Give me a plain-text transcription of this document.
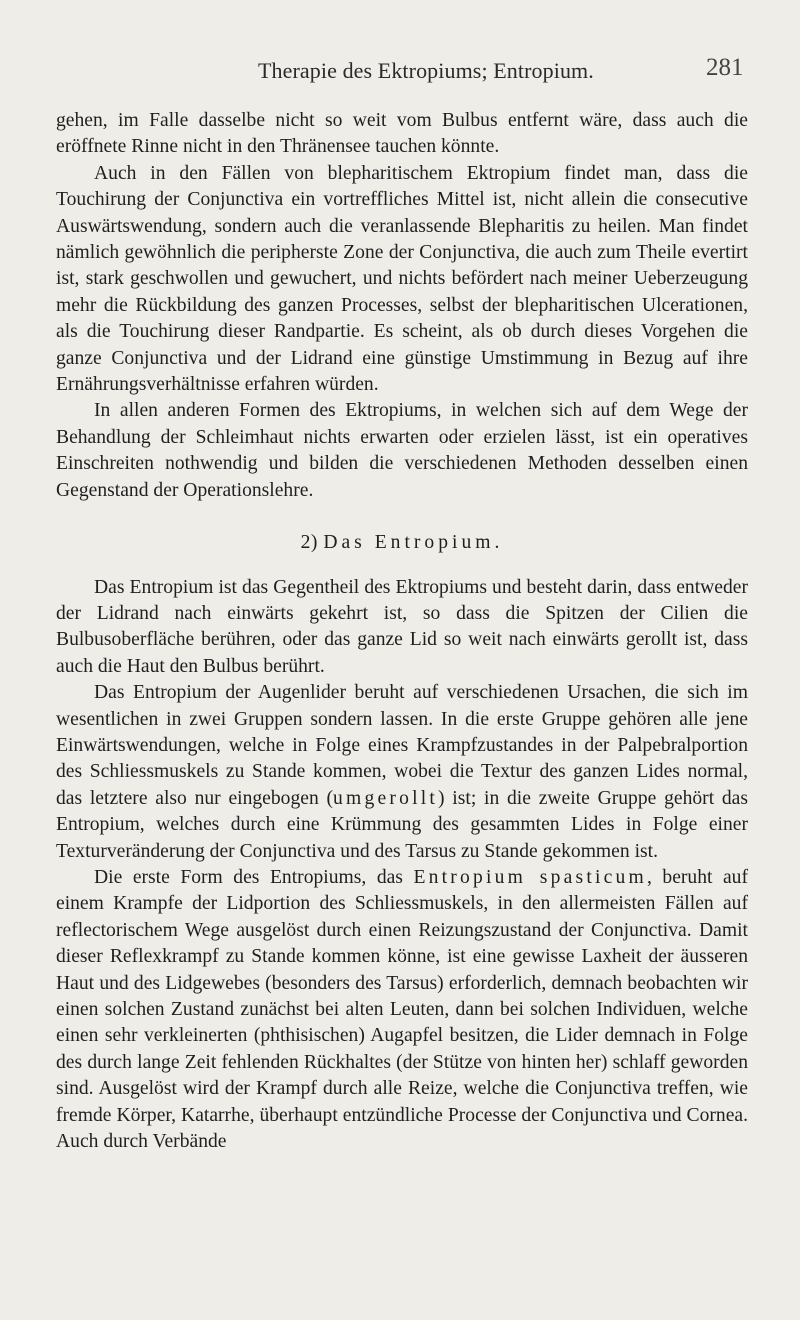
Therapie des Ektropiums; Entropium.	281

gehen, im Falle dasselbe nicht so weit vom Bulbus entfernt wäre, dass auch die eröffnete Rinne nicht in den Thränensee tauchen könnte.

Auch in den Fällen von blepharitischem Ektropium findet man, dass die Touchirung der Conjunctiva ein vortreffliches Mittel ist, nicht allein die consecutive Auswärtswendung, sondern auch die veranlassende Blepharitis zu heilen. Man findet nämlich gewöhnlich die peripherste Zone der Conjunctiva, die auch zum Theile evertirt ist, stark geschwollen und gewuchert, und nichts befördert nach meiner Ueberzeugung mehr die Rückbildung des ganzen Processes, selbst der blepharitischen Ulcerationen, als die Touchirung dieser Randpartie. Es scheint, als ob durch dieses Vorgehen die ganze Conjunctiva und der Lidrand eine günstige Umstimmung in Bezug auf ihre Ernährungsverhältnisse erfahren würden.

In allen anderen Formen des Ektropiums, in welchen sich auf dem Wege der Behandlung der Schleimhaut nichts erwarten oder erzielen lässt, ist ein operatives Einschreiten nothwendig und bilden die verschiedenen Methoden desselben einen Gegenstand der Operationslehre.

2) Das Entropium.

Das Entropium ist das Gegentheil des Ektropiums und besteht darin, dass entweder der Lidrand nach einwärts gekehrt ist, so dass die Spitzen der Cilien die Bulbusoberfläche berühren, oder das ganze Lid so weit nach einwärts gerollt ist, dass auch die Haut den Bulbus berührt.

Das Entropium der Augenlider beruht auf verschiedenen Ursachen, die sich im wesentlichen in zwei Gruppen sondern lassen. In die erste Gruppe gehören alle jene Einwärtswendungen, welche in Folge eines Krampfzustandes in der Palpebralportion des Schliessmuskels zu Stande kommen, wobei die Textur des ganzen Lides normal, das letztere also nur eingebogen (umgerollt) ist; in die zweite Gruppe gehört das Entropium, welches durch eine Krümmung des gesammten Lides in Folge einer Texturveränderung der Conjunctiva und des Tarsus zu Stande gekommen ist.

Die erste Form des Entropiums, das Entropium spasticum, beruht auf einem Krampfe der Lidportion des Schliessmuskels, in den allermeisten Fällen auf reflectorischem Wege ausgelöst durch einen Reizungszustand der Conjunctiva. Damit dieser Reflexkrampf zu Stande kommen könne, ist eine gewisse Laxheit der äusseren Haut und des Lidgewebes (besonders des Tarsus) erforderlich, demnach beobachten wir einen solchen Zustand zunächst bei alten Leuten, dann bei solchen Individuen, welche einen sehr verkleinerten (phthisischen) Augapfel besitzen, die Lider demnach in Folge des durch lange Zeit fehlenden Rückhaltes (der Stütze von hinten her) schlaff geworden sind. Ausgelöst wird der Krampf durch alle Reize, welche die Conjunctiva treffen, wie fremde Körper, Katarrhe, überhaupt entzündliche Processe der Conjunctiva und Cornea. Auch durch Verbände
